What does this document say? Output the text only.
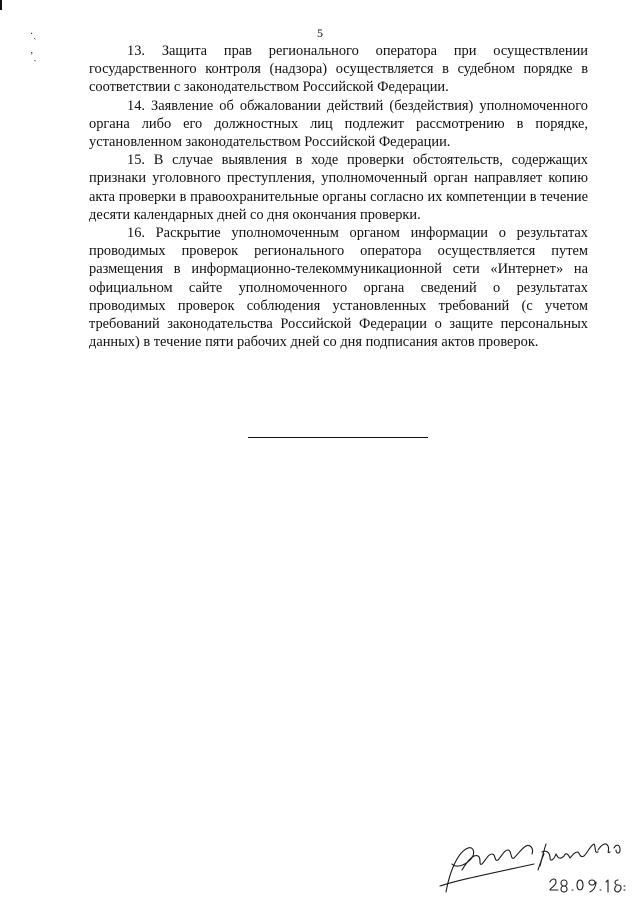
‧ˎ
’ˏ
5

13. Защита прав регионального оператора при осуществлении государственного контроля (надзора) осуществляется в судебном порядке в соответствии с законодательством Российской Федерации.

14. Заявление об обжаловании действий (бездействия) уполномоченного органа либо его должностных лиц подлежит рассмотрению в порядке, установленном законодательством Российской Федерации.

15. В случае выявления в ходе проверки обстоятельств, содержащих признаки уголовного преступления, уполномоченный орган направляет копию акта проверки в правоохранительные органы согласно их компетенции в течение десяти календарных дней со дня окончания проверки.

16. Раскрытие уполномоченным органом информации о результатах проводимых проверок регионального оператора осуществляется путем размещения в информационно-телекоммуникационной сети «Интернет» на официальном сайте уполномоченного органа сведений о результатах проводимых проверок соблюдения установленных требований (с учетом требований законодательства Российской Федерации о защите персональных данных) в течение пяти рабочих дней со дня подписания актов проверок.
